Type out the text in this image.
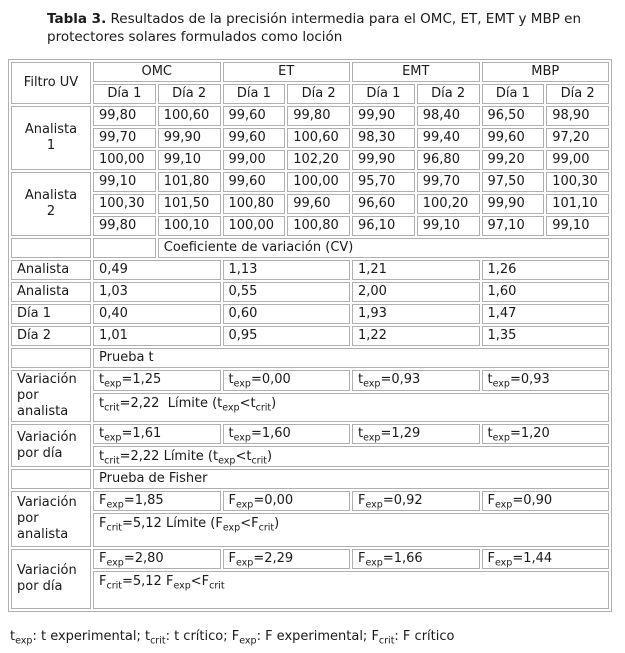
Tabla 3. Resultados de la precisión intermedia para el OMC, ET, EMT y MBP en protectores solares formulados como loción

Filtro UV	OMC		ET		EMT		MBP	
	Día 1	Día 2	Día 1	Día 2	Día 1	Día 2	Día 1	Día 2
Analista 1	99,80	100,60	99,60	99,80	99,90	98,40	96,50	98,90
	99,70	99,90	99,60	100,60	98,30	99,40	99,60	97,20
	100,00	99,10	99,00	102,20	99,90	96,80	99,20	99,00
Analista 2	99,10	101,80	99,60	100,00	95,70	99,70	97,50	100,30
	100,30	101,50	100,80	99,60	96,60	100,20	99,90	101,10
	99,80	100,10	100,00	100,80	96,10	99,10	97,10	99,10
		Coeficiente de variación (CV)						
Analista	0,49		1,13		1,21		1,26	
Analista	1,03		0,55		2,00		1,60	
Día 1	0,40		0,60		1,93		1,47	
Día 2	1,01		0,95		1,22		1,35	
	Prueba t							
Variación por analista	$t_{exp}=1,25$		$t_{exp}=0,00$		$t_{exp}=0,93$		$t_{exp}=0,93$	
	$t_{crit}=2,22$  Límite $(t_{exp}<t_{crit})$							
Variación por día	$t_{exp}=1,61$		$t_{exp}=1,60$		$t_{exp}=1,29$		$t_{exp}=1,20$	
	$t_{crit}=2,22$ Límite $(t_{exp}<t_{crit})$							
	Prueba de Fisher							
Variación por analista	$F_{exp}=1,85$		$F_{exp}=0,00$		$F_{exp}=0,92$		$F_{exp}=0,90$	
	$F_{crit}=5,12$ Límite $(F_{exp}<F_{crit})$							
Variación por día	$F_{exp}=2,80$		$F_{exp}=2,29$		$F_{exp}=1,66$		$F_{exp}=1,44$	
	$F_{crit}=5,12$ $F_{exp}<F_{crit}$

$t_{exp}$: t experimental; $t_{crit}$: t crítico; $F_{exp}$: F experimental; $F_{crit}$: F crítico
